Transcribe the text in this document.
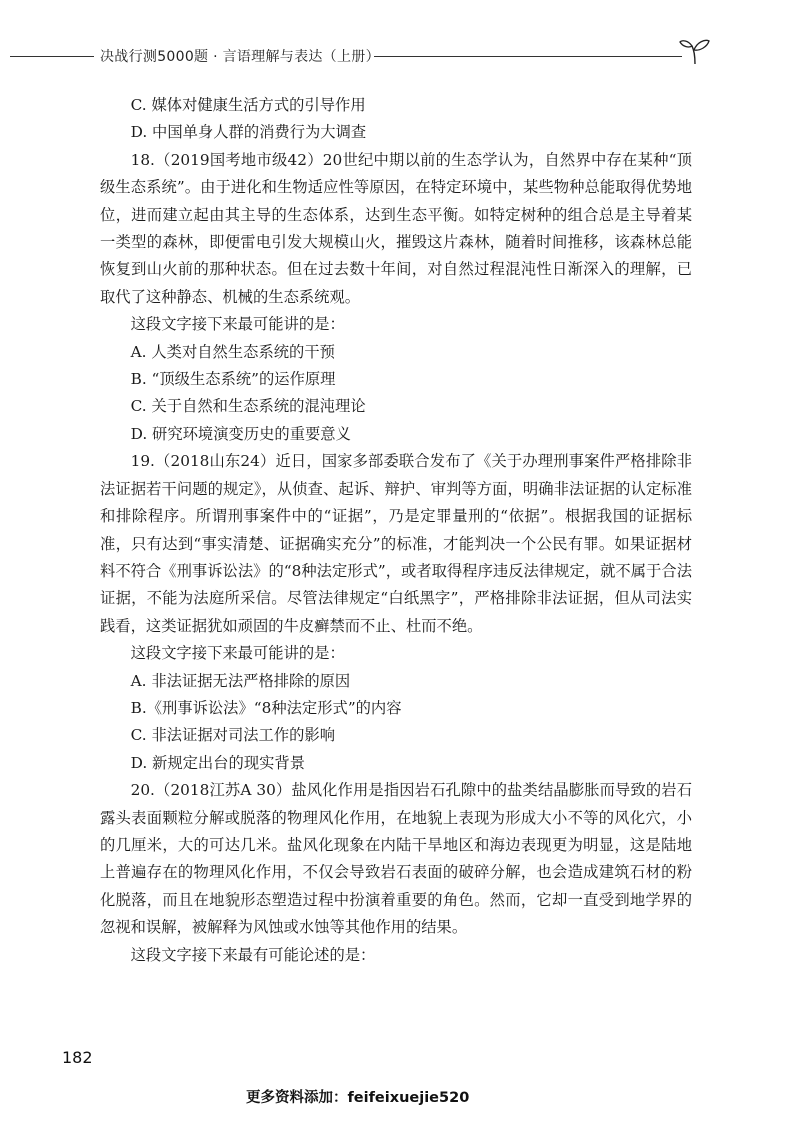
决战行测5000题 · 言语理解与表达（上册）

C. 媒体对健康生活方式的引导作用

D. 中国单身人群的消费行为大调查

18.（2019国考地市级42）20世纪中期以前的生态学认为，自然界中存在某种“顶级生态系统”。由于进化和生物适应性等原因，在特定环境中，某些物种总能取得优势地位，进而建立起由其主导的生态体系，达到生态平衡。如特定树种的组合总是主导着某一类型的森林，即便雷电引发大规模山火，摧毁这片森林，随着时间推移，该森林总能恢复到山火前的那种状态。但在过去数十年间，对自然过程混沌性日渐深入的理解，已取代了这种静态、机械的生态系统观。

这段文字接下来最可能讲的是：

A. 人类对自然生态系统的干预

B. “顶级生态系统”的运作原理

C. 关于自然和生态系统的混沌理论

D. 研究环境演变历史的重要意义

19.（2018山东24）近日，国家多部委联合发布了《关于办理刑事案件严格排除非法证据若干问题的规定》，从侦查、起诉、辩护、审判等方面，明确非法证据的认定标准和排除程序。所谓刑事案件中的“证据”，乃是定罪量刑的“依据”。根据我国的证据标准，只有达到“事实清楚、证据确实充分”的标准，才能判决一个公民有罪。如果证据材料不符合《刑事诉讼法》的“8种法定形式”，或者取得程序违反法律规定，就不属于合法证据，不能为法庭所采信。尽管法律规定“白纸黑字”，严格排除非法证据，但从司法实践看，这类证据犹如顽固的牛皮癣禁而不止、杜而不绝。

这段文字接下来最可能讲的是：

A. 非法证据无法严格排除的原因

B.《刑事诉讼法》“8种法定形式”的内容

C. 非法证据对司法工作的影响

D. 新规定出台的现实背景

20.（2018江苏A 30）盐风化作用是指因岩石孔隙中的盐类结晶膨胀而导致的岩石露头表面颗粒分解或脱落的物理风化作用，在地貌上表现为形成大小不等的风化穴，小的几厘米，大的可达几米。盐风化现象在内陆干旱地区和海边表现更为明显，这是陆地上普遍存在的物理风化作用，不仅会导致岩石表面的破碎分解，也会造成建筑石材的粉化脱落，而且在地貌形态塑造过程中扮演着重要的角色。然而，它却一直受到地学界的忽视和误解，被解释为风蚀或水蚀等其他作用的结果。

这段文字接下来最有可能论述的是：

182
更多资料添加：feifeixuejie520
